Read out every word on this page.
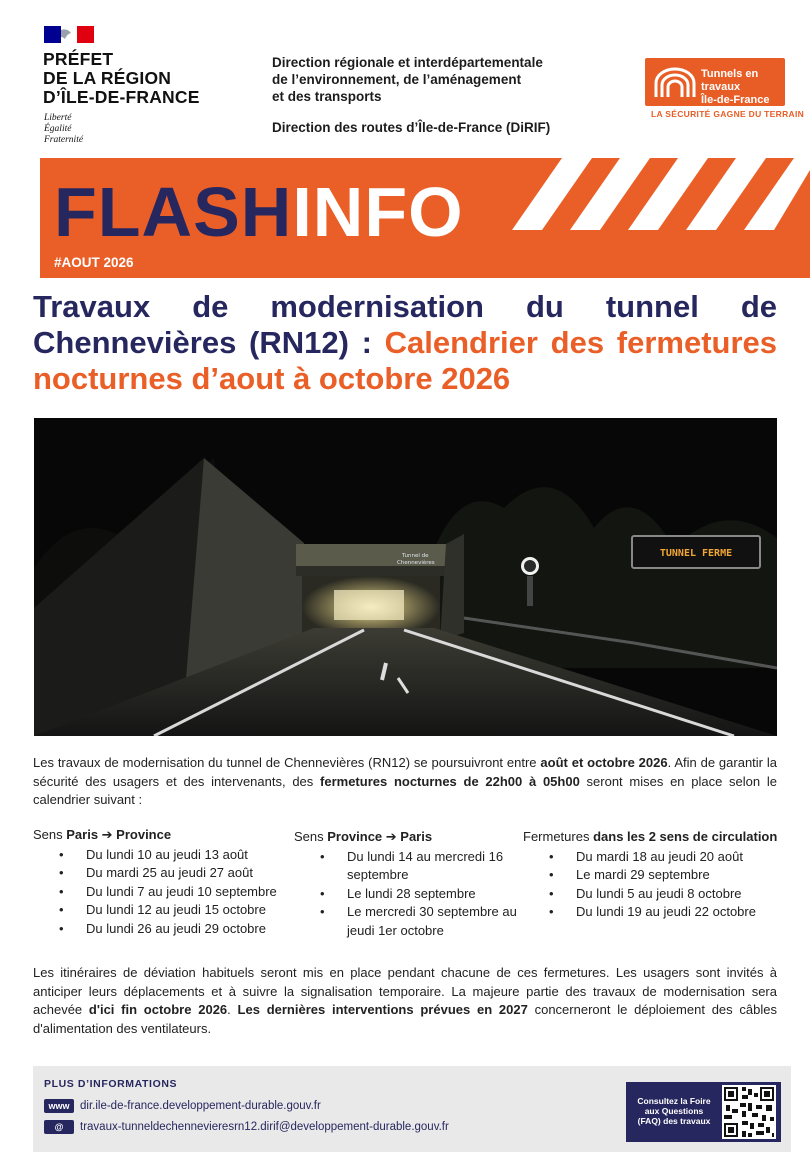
PRÉFET
DE LA RÉGION
D’ÎLE-DE-FRANCE
Liberté
Égalité
Fraternité
Direction régionale et interdépartementale
de l’environnement, de l’aménagement
et des transports
Direction des routes d’Île-de-France (DiRIF)
Tunnels en travaux
Île-de-France
LA SÉCURITÉ GAGNE DU TERRAIN
FLASHINFO
#AOUT 2026
Travaux de modernisation du tunnel de Chennevières (RN12) : Calendrier des fermetures nocturnes d’aout à octobre 2026
TUNNEL FERME
Tunnel de
Chennevières
Les travaux de modernisation du tunnel de Chennevières (RN12) se poursuivront entre août et octobre 2026. Afin de garantir la sécurité des usagers et des intervenants, des fermetures nocturnes de 22h00 à 05h00 seront mises en place selon le calendrier suivant :
Sens Paris ➔ Province
• Du lundi 10 au jeudi 13 août
• Du mardi 25 au jeudi 27 août
• Du lundi 7 au jeudi 10 septembre
• Du lundi 12 au jeudi 15 octobre
• Du lundi 26 au jeudi 29 octobre
Sens Province ➔ Paris
• Du lundi 14 au mercredi 16 septembre
• Le lundi 28 septembre
• Le mercredi 30 septembre au jeudi 1er octobre
Fermetures dans les 2 sens de circulation
• Du mardi 18 au jeudi 20 août
• Le mardi 29 septembre
• Du lundi 5 au jeudi 8 octobre
• Du lundi 19 au jeudi 22 octobre
Les itinéraires de déviation habituels seront mis en place pendant chacune de ces fermetures. Les usagers sont invités à anticiper leurs déplacements et à suivre la signalisation temporaire. La majeure partie des travaux de modernisation sera achevée d'ici fin octobre 2026. Les dernières interventions prévues en 2027 concerneront le déploiement des câbles d'alimentation des ventilateurs.
PLUS D’INFORMATIONS
www dir.ile-de-france.developpement-durable.gouv.fr
@	travaux-tunneldechennevieresrn12.dirif@developpement-durable.gouv.fr
Consultez la Foire
aux Questions
(FAQ) des travaux
